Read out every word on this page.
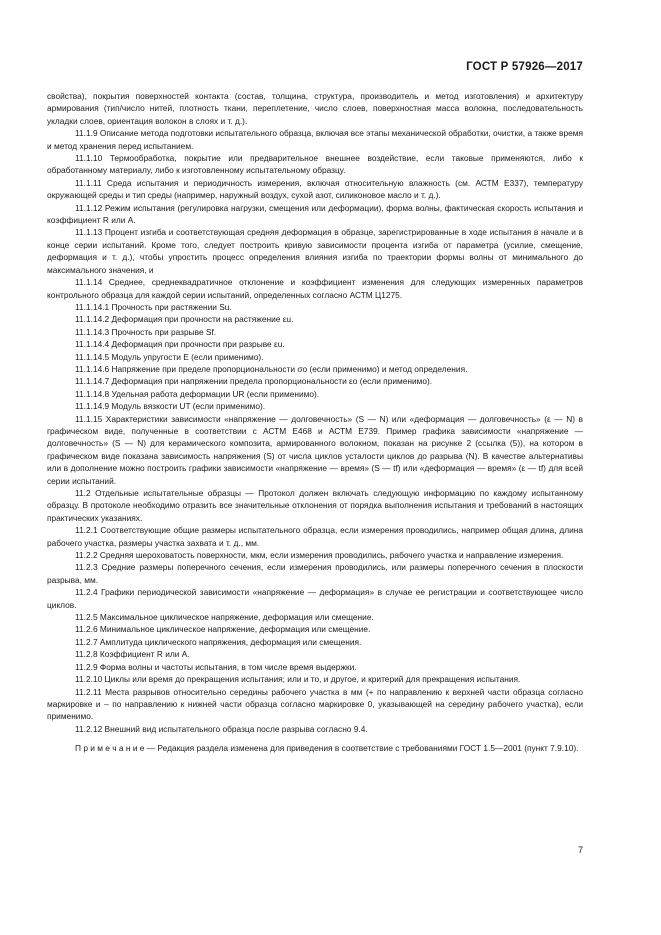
ГОСТ Р 57926—2017

свойства), покрытия поверхностей контакта (состав, толщина, структура, производитель и метод изготовления) и архитектуру армирования (тип/число нитей, плотность ткани, переплетение, число слоев, поверхностная масса волокна, последовательность укладки слоев, ориентация волокон в слоях и т. д.).

11.1.9 Описание метода подготовки испытательного образца, включая все этапы механической обработки, очистки, а также время и метод хранения перед испытанием.

11.1.10 Термообработка, покрытие или предварительное внешнее воздействие, если таковые применяются, либо к обработанному материалу, либо к изготовленному испытательному образцу.

11.1.11 Среда испытания и периодичность измерения, включая относительную влажность (см. АСТМ Е337), температуру окружающей среды и тип среды (например, наружный воздух, сухой азот, силиконовое масло и т. д.).

11.1.12 Режим испытания (регулировка нагрузки, смещения или деформации), форма волны, фактическая скорость испытания и коэффициент R или A.

11.1.13 Процент изгиба и соответствующая средняя деформация в образце, зарегистрированные в ходе испытания в начале и в конце серии испытаний. Кроме того, следует построить кривую зависимости процента изгиба от параметра (усилие, смещение, деформация и т. д.), чтобы упростить процесс определения влияния изгиба по траектории формы волны от минимального до максимального значения, и

11.1.14 Среднее, среднеквадратичное отклонение и коэффициент изменения для следующих измеренных параметров контрольного образца для каждой серии испытаний, определенных согласно АСТМ Ц1275.

11.1.14.1 Прочность при растяжении Su.

11.1.14.2 Деформация при прочности на растяжение εu.

11.1.14.3 Прочность при разрыве Sf.

11.1.14.4 Деформация при прочности при разрыве εu.

11.1.14.5 Модуль упругости E (если применимо).

11.1.14.6 Напряжение при пределе пропорциональности σo (если применимо) и метод определения.

11.1.14.7 Деформация при напряжении предела пропорциональности εo (если применимо).

11.1.14.8 Удельная работа деформации UR (если применимо).

11.1.14.9 Модуль вязкости UT (если применимо).

11.1.15 Характеристики зависимости «напряжение — долговечность» (S — N) или «деформация — долговечность» (ε — N) в графическом виде, полученные в соответствии с АСТМ Е468 и АСТМ Е739. Пример графика зависимости «напряжение — долговечность» (S — N) для керамического композита, армированного волокном, показан на рисунке 2 (ссылка (5)), на котором в графическом виде показана зависимость напряжения (S) от числа циклов усталости циклов до разрыва (N). В качестве альтернативы или в дополнение можно построить графики зависимости «напряжение — время» (S — tf) или «деформация — время» (ε — tf) для всей серии испытаний.

11.2 Отдельные испытательные образцы — Протокол должен включать следующую информацию по каждому испытанному образцу. В протоколе необходимо отразить все значительные отклонения от порядка выполнения испытания и требований в настоящих практических указаниях.

11.2.1 Соответствующие общие размеры испытательного образца, если измерения проводились, например общая длина, длина рабочего участка, размеры участка захвата и т. д., мм.

11.2.2 Средняя шероховатость поверхности, мкм, если измерения проводились, рабочего участка и направление измерения.

11.2.3 Средние размеры поперечного сечения, если измерения проводились, или размеры поперечного сечения в плоскости разрыва, мм.

11.2.4 Графики периодической зависимости «напряжение — деформация» в случае ее регистрации и соответствующее число циклов.

11.2.5 Максимальное циклическое напряжение, деформация или смещение.

11.2.6 Минимальное циклическое напряжение, деформация или смещение.

11.2.7 Амплитуда циклического напряжения, деформация или смещения.

11.2.8 Коэффициент R или A.

11.2.9 Форма волны и частоты испытания, в том числе время выдержки.

11.2.10 Циклы или время до прекращения испытания; или и то, и другое, и критерий для прекращения испытания.

11.2.11 Места разрывов относительно середины рабочего участка в мм (+ по направлению к верхней части образца согласно маркировке и – по направлению к нижней части образца согласно маркировке 0, указывающей на середину рабочего участка), если применимо.

11.2.12 Внешний вид испытательного образца после разрыва согласно 9.4.

П р и м е ч а н и е — Редакция раздела изменена для приведения в соответствие с требованиями ГОСТ 1.5—2001 (пункт 7.9.10).

7
